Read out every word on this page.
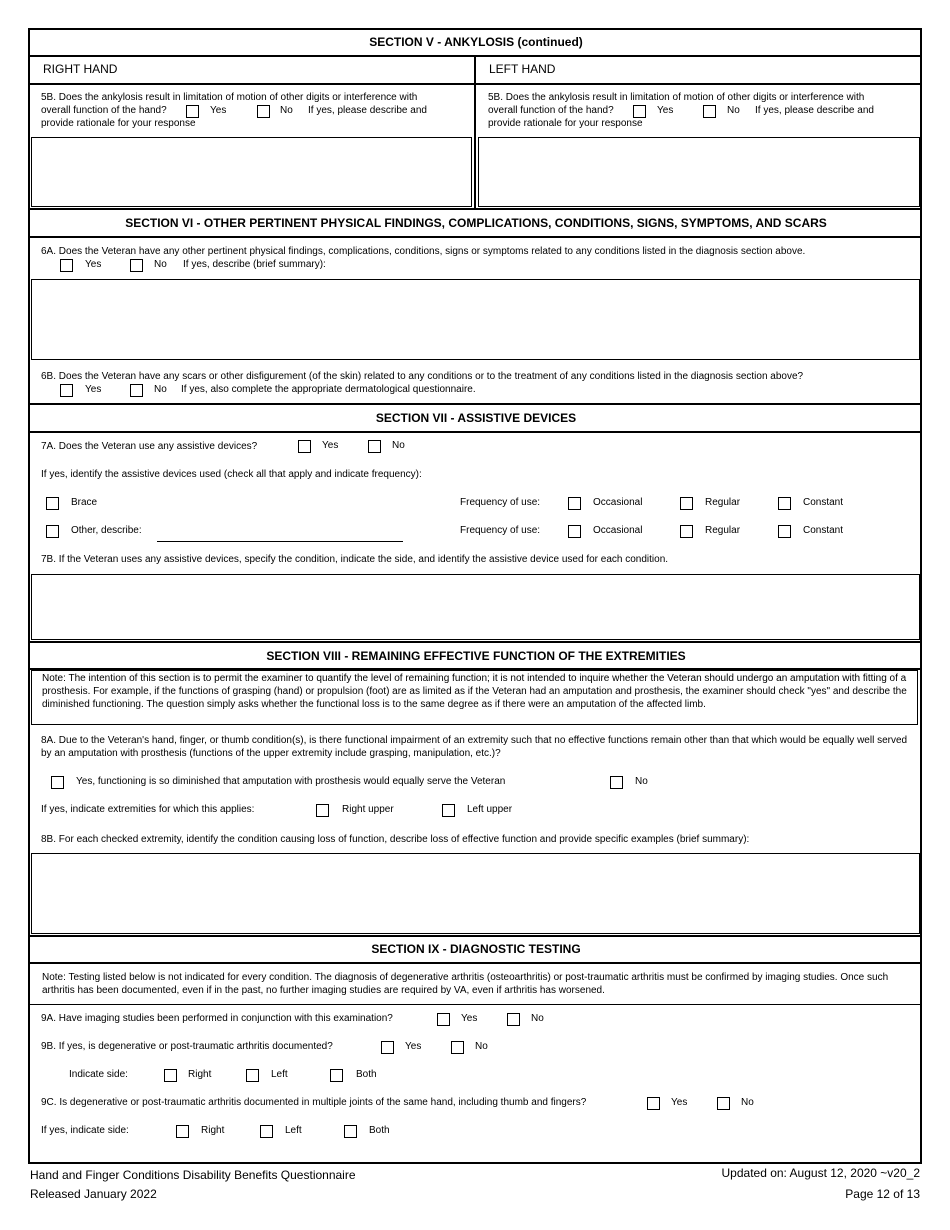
SECTION V - ANKYLOSIS (continued)
RIGHT HAND	LEFT HAND
5B. Does the ankylosis result in limitation of motion of other digits or interference with
overall function of the hand?	Yes	No If yes, please describe and
provide rationale for your response
5B. Does the ankylosis result in limitation of motion of other digits or interference with
overall function of the hand?	Yes	No If yes, please describe and
provide rationale for your response
SECTION VI - OTHER PERTINENT PHYSICAL FINDINGS, COMPLICATIONS, CONDITIONS, SIGNS, SYMPTOMS, AND SCARS
6A. Does the Veteran have any other pertinent physical findings, complications, conditions, signs or symptoms related to any conditions listed in the diagnosis section above.
Yes	No If yes, describe (brief summary):
6B. Does the Veteran have any scars or other disfigurement (of the skin) related to any conditions or to the treatment of any conditions listed in the diagnosis section above?
Yes	No If yes, also complete the appropriate dermatological questionnaire.
SECTION VII - ASSISTIVE DEVICES
7A. Does the Veteran use any assistive devices?	Yes	No
If yes, identify the assistive devices used (check all that apply and indicate frequency):
Brace	Frequency of use:	Occasional	Regular	Constant
Other, describe:	Frequency of use:	Occasional	Regular	Constant
7B. If the Veteran uses any assistive devices, specify the condition, indicate the side, and identify the assistive device used for each condition.
SECTION VIII - REMAINING EFFECTIVE FUNCTION OF THE EXTREMITIES
Note: The intention of this section is to permit the examiner to quantify the level of remaining function; it is not intended to inquire whether the Veteran should undergo an amputation with fitting of a prosthesis. For example, if the functions of grasping (hand) or propulsion (foot) are as limited as if the Veteran had an amputation and prosthesis, the examiner should check "yes" and describe the diminished functioning. The question simply asks whether the functional loss is to the same degree as if there were an amputation of the affected limb.
8A. Due to the Veteran's hand, finger, or thumb condition(s), is there functional impairment of an extremity such that no effective functions remain other than that which would be equally well served by an amputation with prosthesis (functions of the upper extremity include grasping, manipulation, etc.)?
Yes, functioning is so diminished that amputation with prosthesis would equally serve the Veteran	No
If yes, indicate extremities for which this applies:	Right upper	Left upper
8B. For each checked extremity, identify the condition causing loss of function, describe loss of effective function and provide specific examples (brief summary):
SECTION IX - DIAGNOSTIC TESTING
Note: Testing listed below is not indicated for every condition. The diagnosis of degenerative arthritis (osteoarthritis) or post-traumatic arthritis must be confirmed by imaging studies. Once such arthritis has been documented, even if in the past, no further imaging studies are required by VA, even if arthritis has worsened.
9A. Have imaging studies been performed in conjunction with this examination?	Yes	No
9B. If yes, is degenerative or post-traumatic arthritis documented?	Yes	No
Indicate side:	Right	Left	Both
9C. Is degenerative or post-traumatic arthritis documented in multiple joints of the same hand, including thumb and fingers?	Yes	No
If yes, indicate side:	Right	Left	Both
Hand and Finger Conditions Disability Benefits Questionnaire
Released January 2022
Updated on: August 12, 2020 ~v20_2
Page 12 of 13
